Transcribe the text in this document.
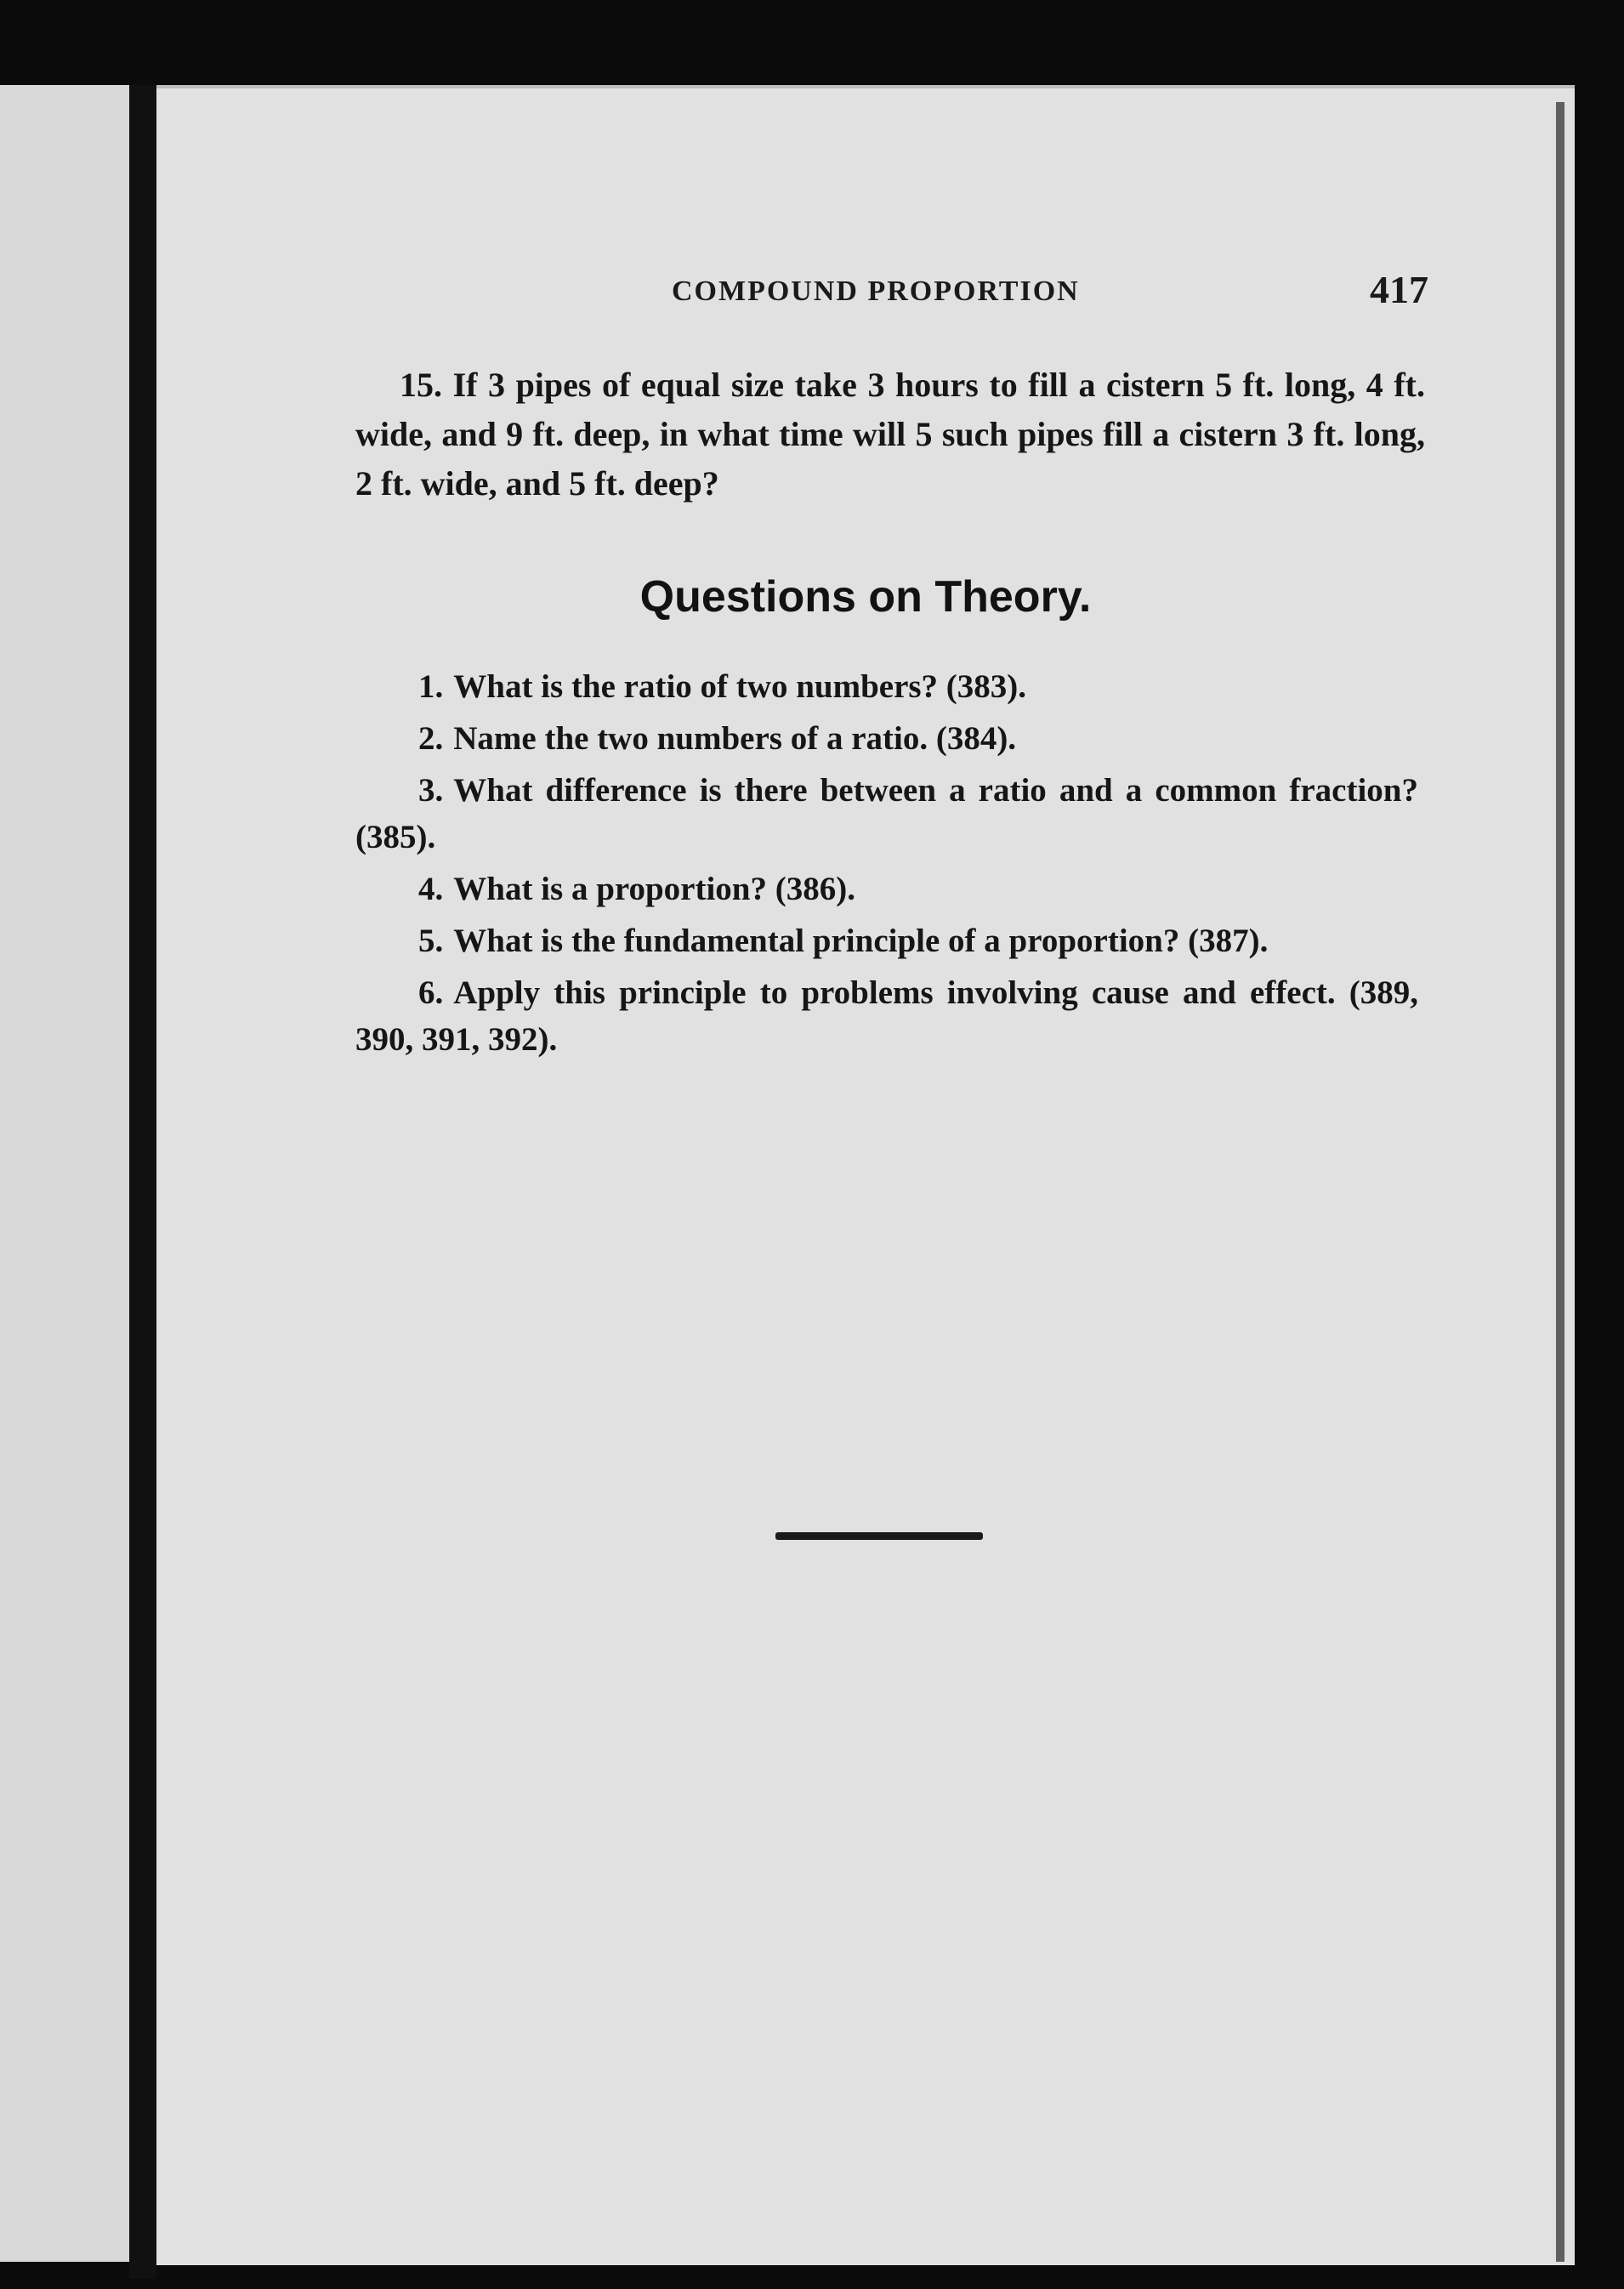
COMPOUND PROPORTION	417
15. If 3 pipes of equal size take 3 hours to fill a cistern 5 ft. long, 4 ft. wide, and 9 ft. deep, in what time will 5 such pipes fill a cistern 3 ft. long, 2 ft. wide, and 5 ft. deep?
Questions on Theory.
1. What is the ratio of two numbers? (383).
2. Name the two numbers of a ratio. (384).
3. What difference is there between a ratio and a common fraction? (385).
4. What is a proportion? (386).
5. What is the fundamental principle of a proportion? (387).
6. Apply this principle to problems involving cause and effect. (389, 390, 391, 392).
